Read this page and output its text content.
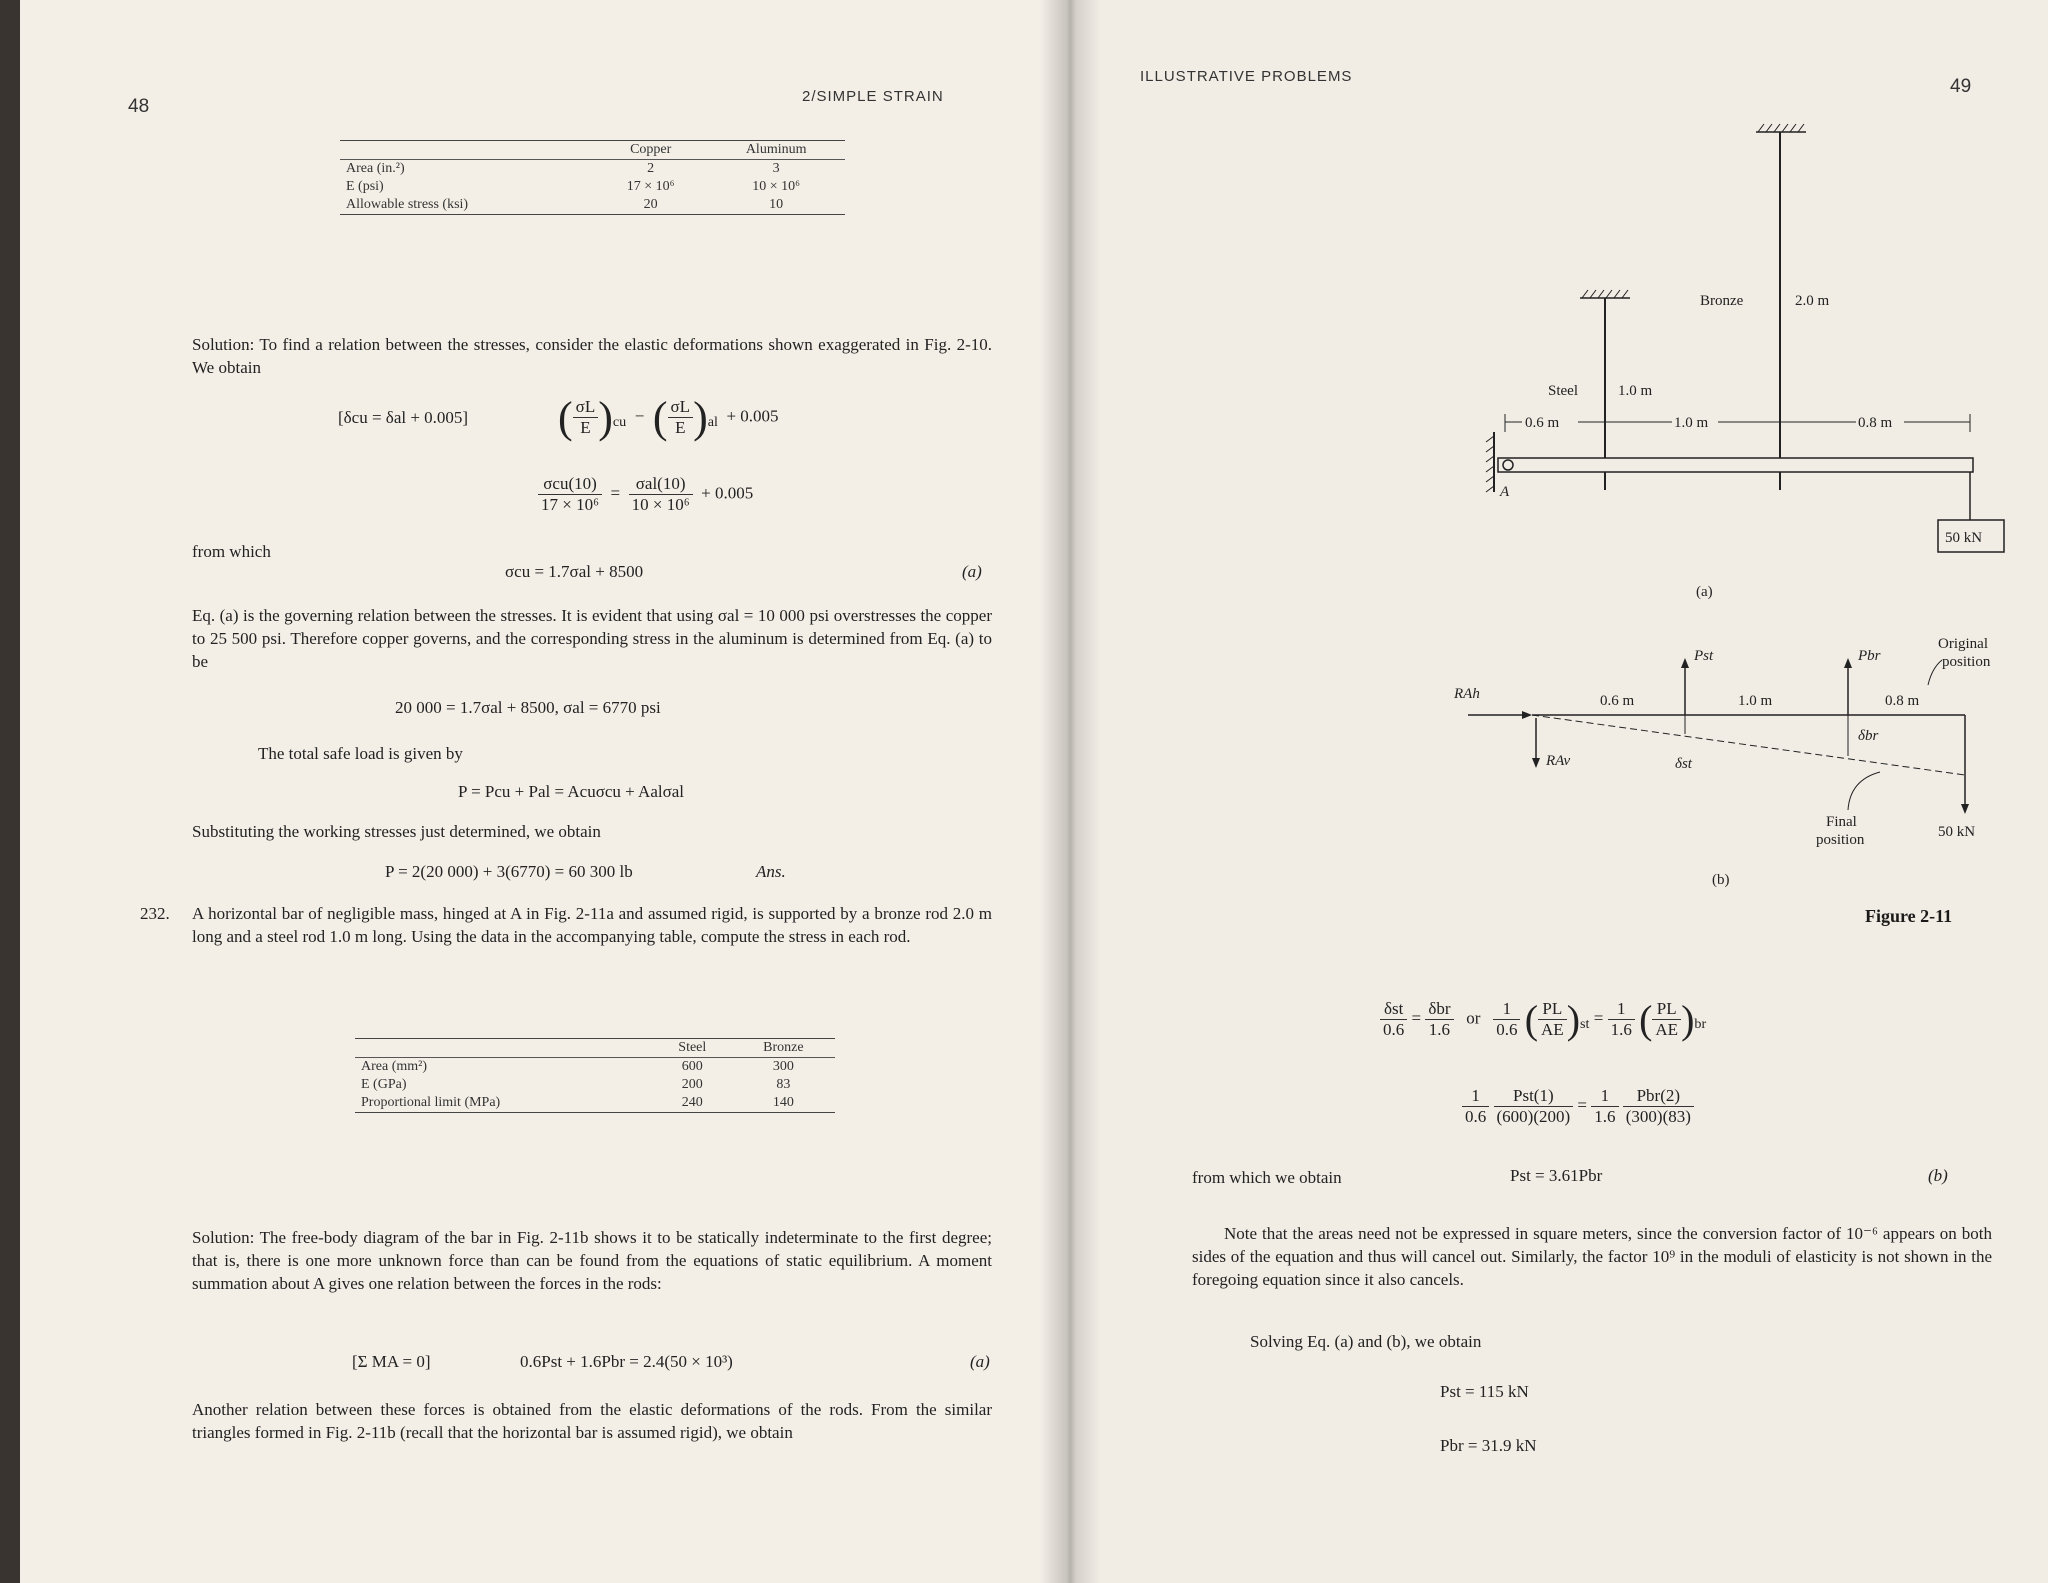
48	2/SIMPLE STRAIN
	Copper	Aluminum
Area (in.²)	2	3
E (psi)	17 × 10⁶	10 × 10⁶
Allowable stress (ksi)	20	10
Solution: To find a relation between the stresses, consider the elastic deformations shown exaggerated in Fig. 2-10. We obtain
[δcu = δal + 0.005] ( $\frac{\sigma L}{E} )_{cu}$  −  ( $\frac{\sigma L}{E} )_{al} + 0.005$
$\frac{\text{σcu(10)}}{\text{17 × 10⁶}} = \frac{\text{σal(10)}}{\text{10 × 10⁶}} + 0.005$
from which
σcu = 1.7σal + 8500	(a)
Eq. (a) is the governing relation between the stresses. It is evident that using σal = 10 000 psi overstresses the copper to 25 500 psi. Therefore copper governs, and the corresponding stress in the aluminum is determined from Eq. (a) to be
20 000 = 1.7σal + 8500, σal = 6770 psi
The total safe load is given by
P = Pcu + Pal = Acuσcu + Aalσal
Substituting the working stresses just determined, we obtain
P = 2(20 000) + 3(6770) = 60 300 lb	Ans.
232. A horizontal bar of negligible mass, hinged at A in Fig. 2-11a and assumed rigid, is supported by a bronze rod 2.0 m long and a steel rod 1.0 m long. Using the data in the accompanying table, compute the stress in each rod.
	Steel	Bronze
Area (mm²)	600	300
E (GPa)	200	83
Proportional limit (MPa)	240	140
Solution: The free-body diagram of the bar in Fig. 2-11b shows it to be statically indeterminate to the first degree; that is, there is one more unknown force than can be found from the equations of static equilibrium. A moment summation about A gives one relation between the forces in the rods:
[Σ MA = 0]	0.6Pst + 1.6Pbr = 2.4(50 × 10³)	(a)
Another relation between these forces is obtained from the elastic deformations of the rods. From the similar triangles formed in Fig. 2-11b (recall that the horizontal bar is assumed rigid), we obtain
ILLUSTRATIVE PROBLEMS	49
Bronze	2.0 m
Steel	1.0 m
0.6 m	1.0 m	0.8 m
A
50 kN
(a)
RAh
RAv
Pst	Pbr
0.6 m	1.0 m	0.8 m
Original
position
δst
δbr
50 kN
Final
position
(b)
Figure 2-11
$\frac{\text{δst}}{0.6} = \frac{\text{δbr}}{1.6}$ or $\frac{1}{0.6}$ ( $\frac{PL}{AE} )_{st} = \frac{1}{1.6}$ ( $\frac{PL}{AE} )_{br}$
$\frac{1}{0.6}$
$\frac{\text{Pst(1)}}{(600)(200)} = \frac{1}{1.6}$
$\frac{\text{Pbr(2)}}{(300)(83)}$
from which we obtain	Pst = 3.61Pbr	(b)
Note that the areas need not be expressed in square meters, since the conversion factor of 10⁻⁶ appears on both sides of the equation and thus will cancel out. Similarly, the factor 10⁹ in the moduli of elasticity is not shown in the foregoing equation since it also cancels.
Solving Eq. (a) and (b), we obtain
Pst = 115 kN
Pbr = 31.9 kN
